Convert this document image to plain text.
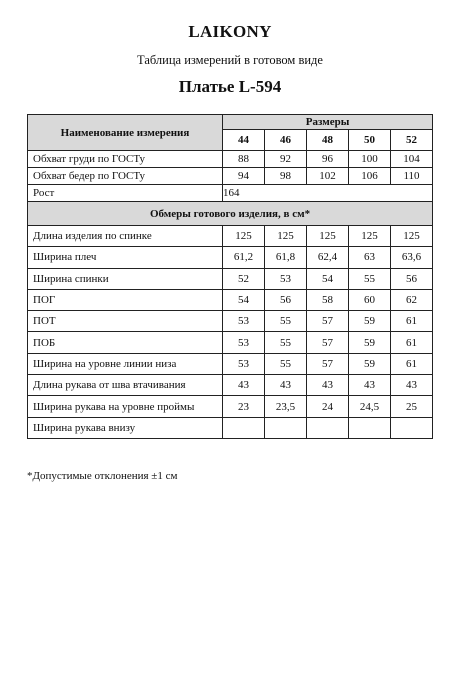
LAIKONY
Таблица измерений в готовом виде
Платье L-594
Наименование измерения	Размеры				
	44	46	48	50	52
Обхват груди по ГОСТу	88	92	96	100	104
Обхват бедер по ГОСТу	94	98	102	106	110
Рост	164				
Обмеры готового изделия, в см*					
Длина изделия по спинке	125	125	125	125	125
Ширина плеч	61,2	61,8	62,4	63	63,6
Ширина спинки	52	53	54	55	56
ПОГ	54	56	58	60	62
ПОТ	53	55	57	59	61
ПОБ	53	55	57	59	61
Ширина на уровне линии низа	53	55	57	59	61
Длина рукава от шва втачивания	43	43	43	43	43
Ширина рукава на уровне проймы	23	23,5	24	24,5	25
Ширина рукава внизу					
*Допустимые отклонения ±1 см
